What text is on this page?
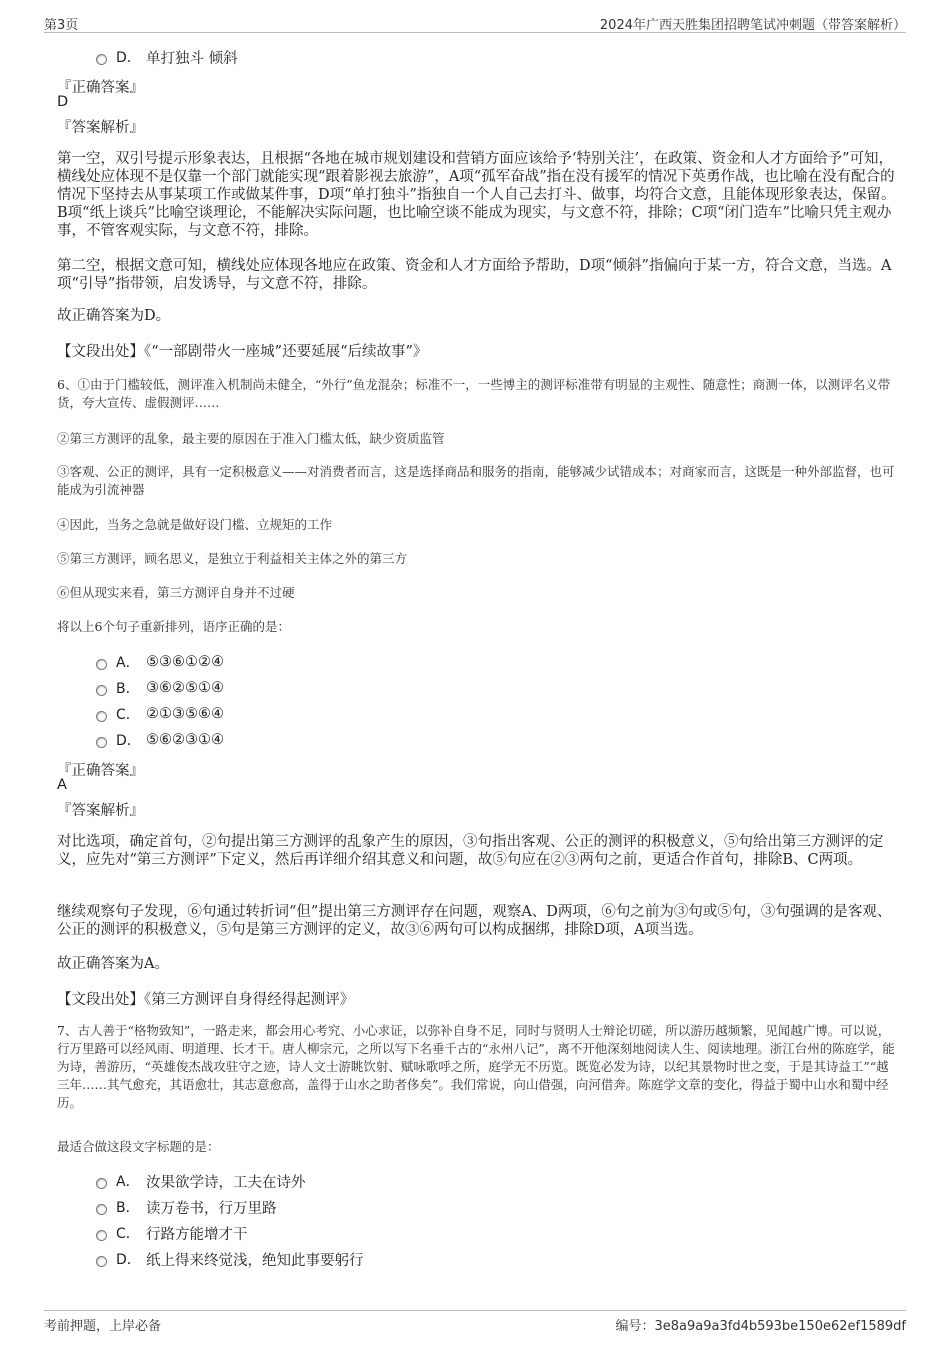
第3页	2024年广西天胜集团招聘笔试冲刺题（带答案解析）
D． 单打独斗 倾斜
『正确答案』
D
『答案解析』
第一空，双引号提示形象表达，且根据“各地在城市规划建设和营销方面应该给予‘特别关注’，在政策、资金和人才方面给予”可知，横线处应体现不是仅靠一个部门就能实现“跟着影视去旅游”，A项“孤军奋战”指在没有援军的情况下英勇作战，也比喻在没有配合的情况下坚持去从事某项工作或做某件事，D项“单打独斗”指独自一个人自己去打斗、做事，均符合文意，且能体现形象表达，保留。B项“纸上谈兵”比喻空谈理论，不能解决实际问题，也比喻空谈不能成为现实，与文意不符，排除；C项“闭门造车”比喻只凭主观办事，不管客观实际，与文意不符，排除。
第二空，根据文意可知，横线处应体现各地应在政策、资金和人才方面给予帮助，D项“倾斜”指偏向于某一方，符合文意，当选。A项“引导”指带领，启发诱导，与文意不符，排除。
故正确答案为D。
【文段出处】《“一部剧带火一座城”还要延展“后续故事”》
6、①由于门槛较低，测评准入机制尚未健全，“外行”鱼龙混杂；标准不一，一些博主的测评标准带有明显的主观性、随意性；商测一体，以测评名义带货，夸大宣传、虚假测评……
②第三方测评的乱象，最主要的原因在于准入门槛太低，缺少资质监管
③客观、公正的测评，具有一定积极意义——对消费者而言，这是选择商品和服务的指南，能够减少试错成本；对商家而言，这既是一种外部监督，也可能成为引流神器
④因此，当务之急就是做好设门槛、立规矩的工作
⑤第三方测评，顾名思义，是独立于利益相关主体之外的第三方
⑥但从现实来看，第三方测评自身并不过硬
将以上6个句子重新排列，语序正确的是：
A． ⑤③⑥①②④
B． ③⑥②⑤①④
C． ②①③⑤⑥④
D． ⑤⑥②③①④
『正确答案』
A
『答案解析』
对比选项，确定首句，②句提出第三方测评的乱象产生的原因，③句指出客观、公正的测评的积极意义，⑤句给出第三方测评的定义，应先对“第三方测评”下定义，然后再详细介绍其意义和问题，故⑤句应在②③两句之前，更适合作首句，排除B、C两项。
继续观察句子发现，⑥句通过转折词“但”提出第三方测评存在问题，观察A、D两项，⑥句之前为③句或⑤句，③句强调的是客观、公正的测评的积极意义，⑤句是第三方测评的定义，故③⑥两句可以构成捆绑，排除D项，A项当选。
故正确答案为A。
【文段出处】《第三方测评自身得经得起测评》
7、古人善于“格物致知”，一路走来，都会用心考究、小心求证，以弥补自身不足，同时与贤明人士辩论切磋，所以游历越频繁，见闻越广博。可以说，行万里路可以经风雨、明道理、长才干。唐人柳宗元，之所以写下名垂千古的“永州八记”，离不开他深刻地阅读人生、阅读地理。浙江台州的陈庭学，能为诗，善游历，“英雄俊杰战攻驻守之迹，诗人文士游眺饮射、赋咏歌呼之所，庭学无不历览。既览必发为诗，以纪其景物时世之变，于是其诗益工”“越三年……其气愈充，其语愈壮，其志意愈高，盖得于山水之助者侈矣”。我们常说，向山借强，向河借奔。陈庭学文章的变化，得益于蜀中山水和蜀中经历。
最适合做这段文字标题的是：
A． 汝果欲学诗，工夫在诗外
B． 读万卷书，行万里路
C． 行路方能增才干
D． 纸上得来终觉浅，绝知此事要躬行
考前押题，上岸必备	编号：3e8a9a9a3fd4b593be150e62ef1589df
